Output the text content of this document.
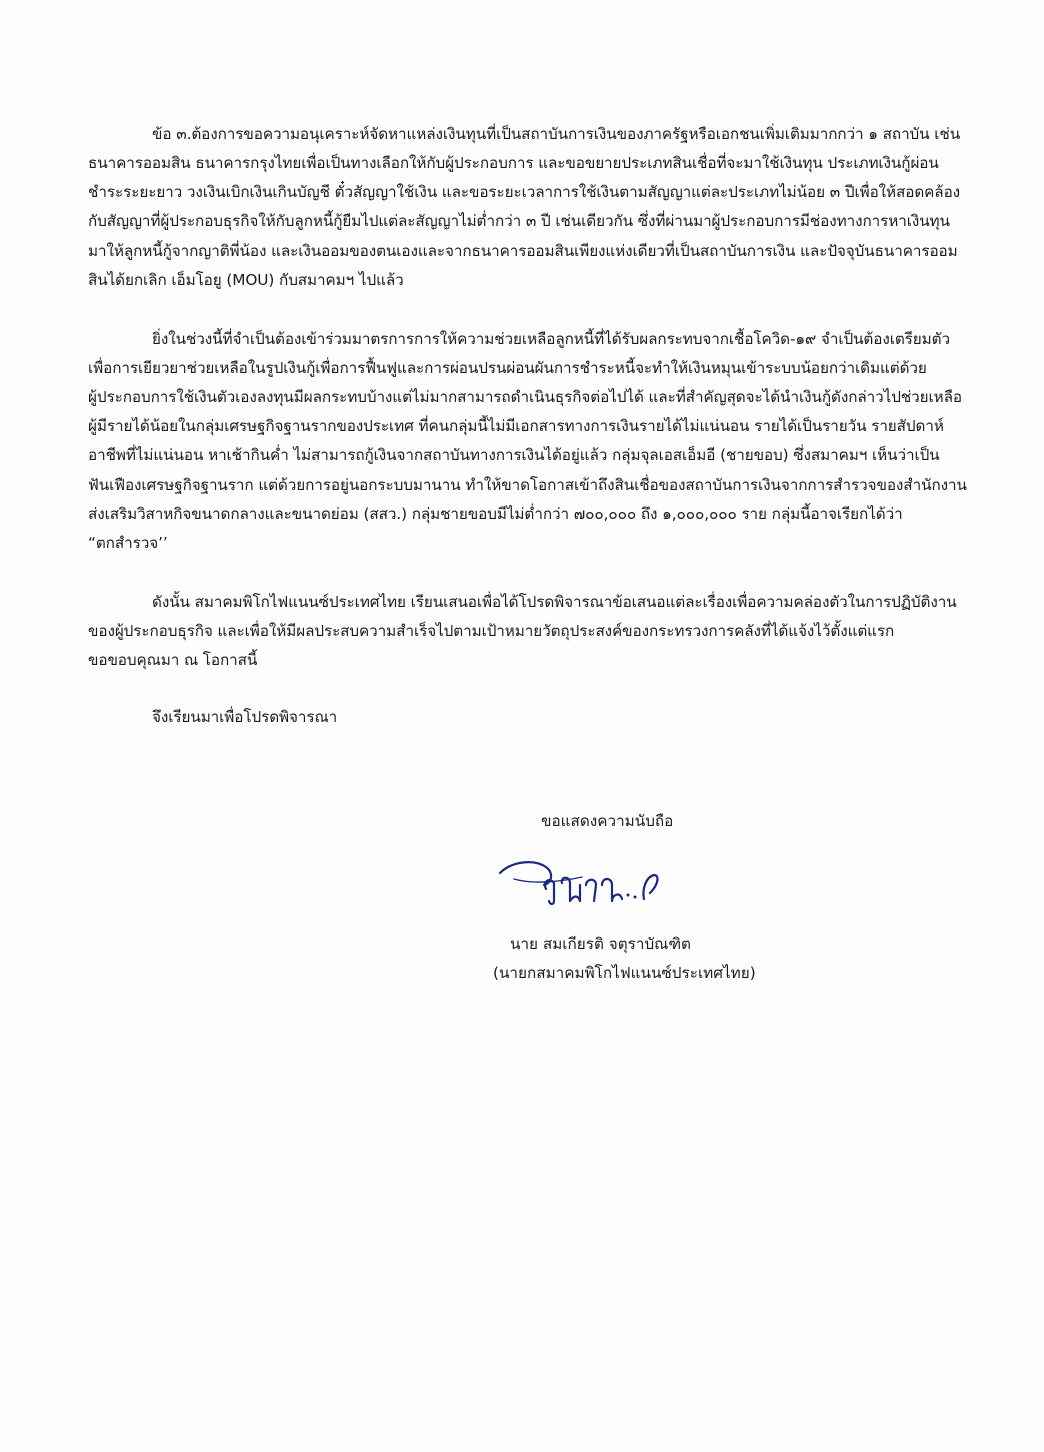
ข้อ ๓.ต้องการขอความอนุเคราะห์จัดหาแหล่งเงินทุนที่เป็นสถาบันการเงินของภาครัฐหรือเอกชนเพิ่มเติมมากกว่า ๑ สถาบัน เช่น
ธนาคารออมสิน ธนาคารกรุงไทยเพื่อเป็นทางเลือกให้กับผู้ประกอบการ และขอขยายประเภทสินเชื่อที่จะมาใช้เงินทุน ประเภทเงินกู้ผ่อน
ชำระระยะยาว วงเงินเบิกเงินเกินบัญชี ตั๋วสัญญาใช้เงิน และขอระยะเวลาการใช้เงินตามสัญญาแต่ละประเภทไม่น้อย ๓ ปีเพื่อให้สอดคล้อง
กับสัญญาที่ผู้ประกอบธุรกิจให้กับลูกหนี้กู้ยืมไปแต่ละสัญญาไม่ต่ำกว่า ๓ ปี เช่นเดียวกัน ซึ่งที่ผ่านมาผู้ประกอบการมีช่องทางการหาเงินทุน
มาให้ลูกหนี้กู้จากญาติพี่น้อง และเงินออมของตนเองและจากธนาคารออมสินเพียงแห่งเดียวที่เป็นสถาบันการเงิน และปัจจุบันธนาคารออม
สินได้ยกเลิก เอ็มโอยู (MOU) กับสมาคมฯ ไปแล้ว
ยิ่งในช่วงนี้ที่จำเป็นต้องเข้าร่วมมาตรการการให้ความช่วยเหลือลูกหนี้ที่ได้รับผลกระทบจากเชื้อโควิด-๑๙ จำเป็นต้องเตรียมตัว
เพื่อการเยียวยาช่วยเหลือในรูปเงินกู้เพื่อการฟื้นฟูและการผ่อนปรนผ่อนผันการชำระหนี้จะทำให้เงินหมุนเข้าระบบน้อยกว่าเดิมแต่ด้วย
ผู้ประกอบการใช้เงินตัวเองลงทุนมีผลกระทบบ้างแต่ไม่มากสามารถดำเนินธุรกิจต่อไปได้ และที่สำคัญสุดจะได้นำเงินกู้ดังกล่าวไปช่วยเหลือ
ผู้มีรายได้น้อยในกลุ่มเศรษฐกิจฐานรากของประเทศ ที่คนกลุ่มนี้ไม่มีเอกสารทางการเงินรายได้ไม่แน่นอน รายได้เป็นรายวัน รายสัปดาห์
อาชีพที่ไม่แน่นอน หาเช้ากินค่ำ ไม่สามารถกู้เงินจากสถาบันทางการเงินได้อยู่แล้ว กลุ่มจุลเอสเอ็มอี (ชายขอบ) ซึ่งสมาคมฯ เห็นว่าเป็น
ฟันเฟืองเศรษฐกิจฐานราก แต่ด้วยการอยู่นอกระบบมานาน ทำให้ขาดโอกาสเข้าถึงสินเชื่อของสถาบันการเงินจากการสำรวจของสำนักงาน
ส่งเสริมวิสาหกิจขนาดกลางและขนาดย่อม (สสว.) กลุ่มชายขอบมีไม่ต่ำกว่า ๗๐๐,๐๐๐ ถึง ๑,๐๐๐,๐๐๐ ราย กลุ่มนี้อาจเรียกได้ว่า
“ตกสำรวจ’’
ดังนั้น สมาคมพิโกไฟแนนซ์ประเทศไทย เรียนเสนอเพื่อได้โปรดพิจารณาข้อเสนอแต่ละเรื่องเพื่อความคล่องตัวในการปฏิบัติงาน
ของผู้ประกอบธุรกิจ และเพื่อให้มีผลประสบความสำเร็จไปตามเป้าหมายวัตถุประสงค์ของกระทรวงการคลังที่ได้แจ้งไว้ตั้งแต่แรก
ขอขอบคุณมา ณ โอกาสนี้
จึงเรียนมาเพื่อโปรดพิจารณา
ขอแสดงความนับถือ
นาย สมเกียรติ จตุราบัณฑิต
(นายกสมาคมพิโกไฟแนนซ์ประเทศไทย)
